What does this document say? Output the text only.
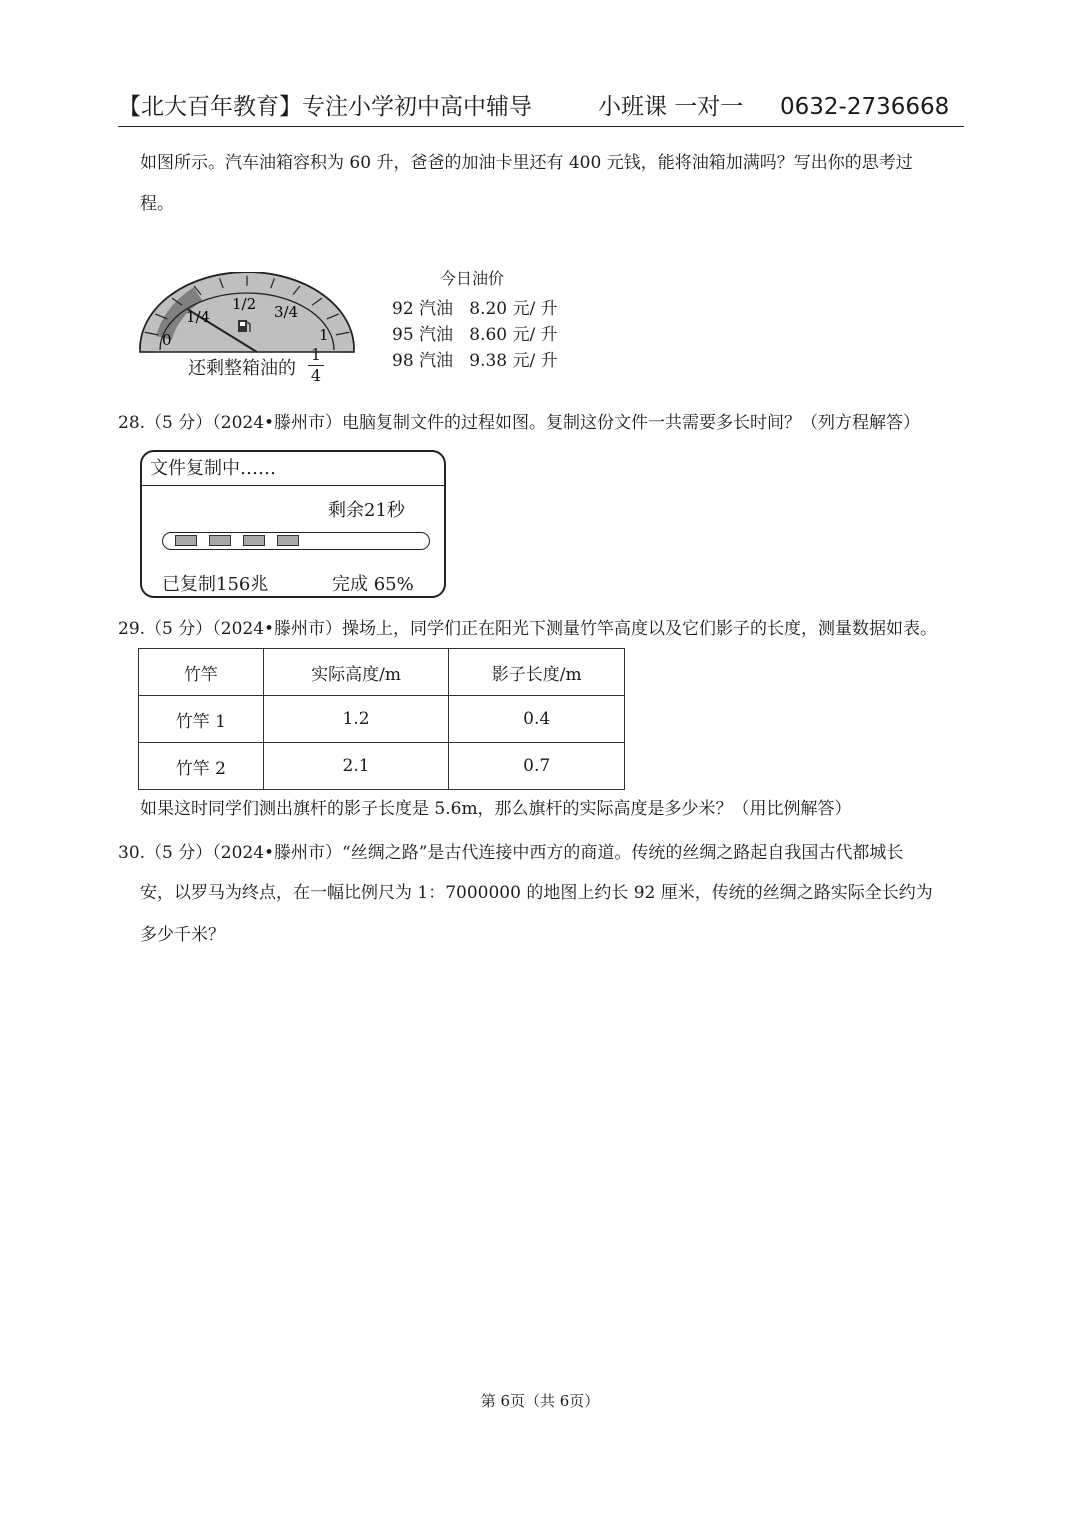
【北大百年教育】专注小学初中高中辅导	小班课 一对一 0632-2736668
如图所示。汽车油箱容积为 60 升，爸爸的加油卡里还有 400 元钱，能将油箱加满吗？写出你的思考过
程。
0
1/4
1/2 3/4
1
还剩整箱油的
1
4
今日油价
92 汽油 8.20 元/ 升
95 汽油 8.60 元/ 升
98 汽油 9.38 元/ 升
28.（5 分）（2024•滕州市）电脑复制文件的过程如图。复制这份文件一共需要多长时间？（列方程解答）
文件复制中……
剩余21秒
已复制156兆	完成 65%
29.（5 分）（2024•滕州市）操场上，同学们正在阳光下测量竹竿高度以及它们影子的长度，测量数据如表。
竹竿	实际高度/m	影子长度/m
竹竿 1	1.2	0.4
竹竿 2	2.1	0.7
如果这时同学们测出旗杆的影子长度是 5.6m，那么旗杆的实际高度是多少米？（用比例解答）
30.（5 分）（2024•滕州市）“丝绸之路”是古代连接中西方的商道。传统的丝绸之路起自我国古代都城长
安，以罗马为终点，在一幅比例尺为 1：7000000 的地图上约长 92 厘米，传统的丝绸之路实际全长约为
多少千米？
第 6页（共 6页）
